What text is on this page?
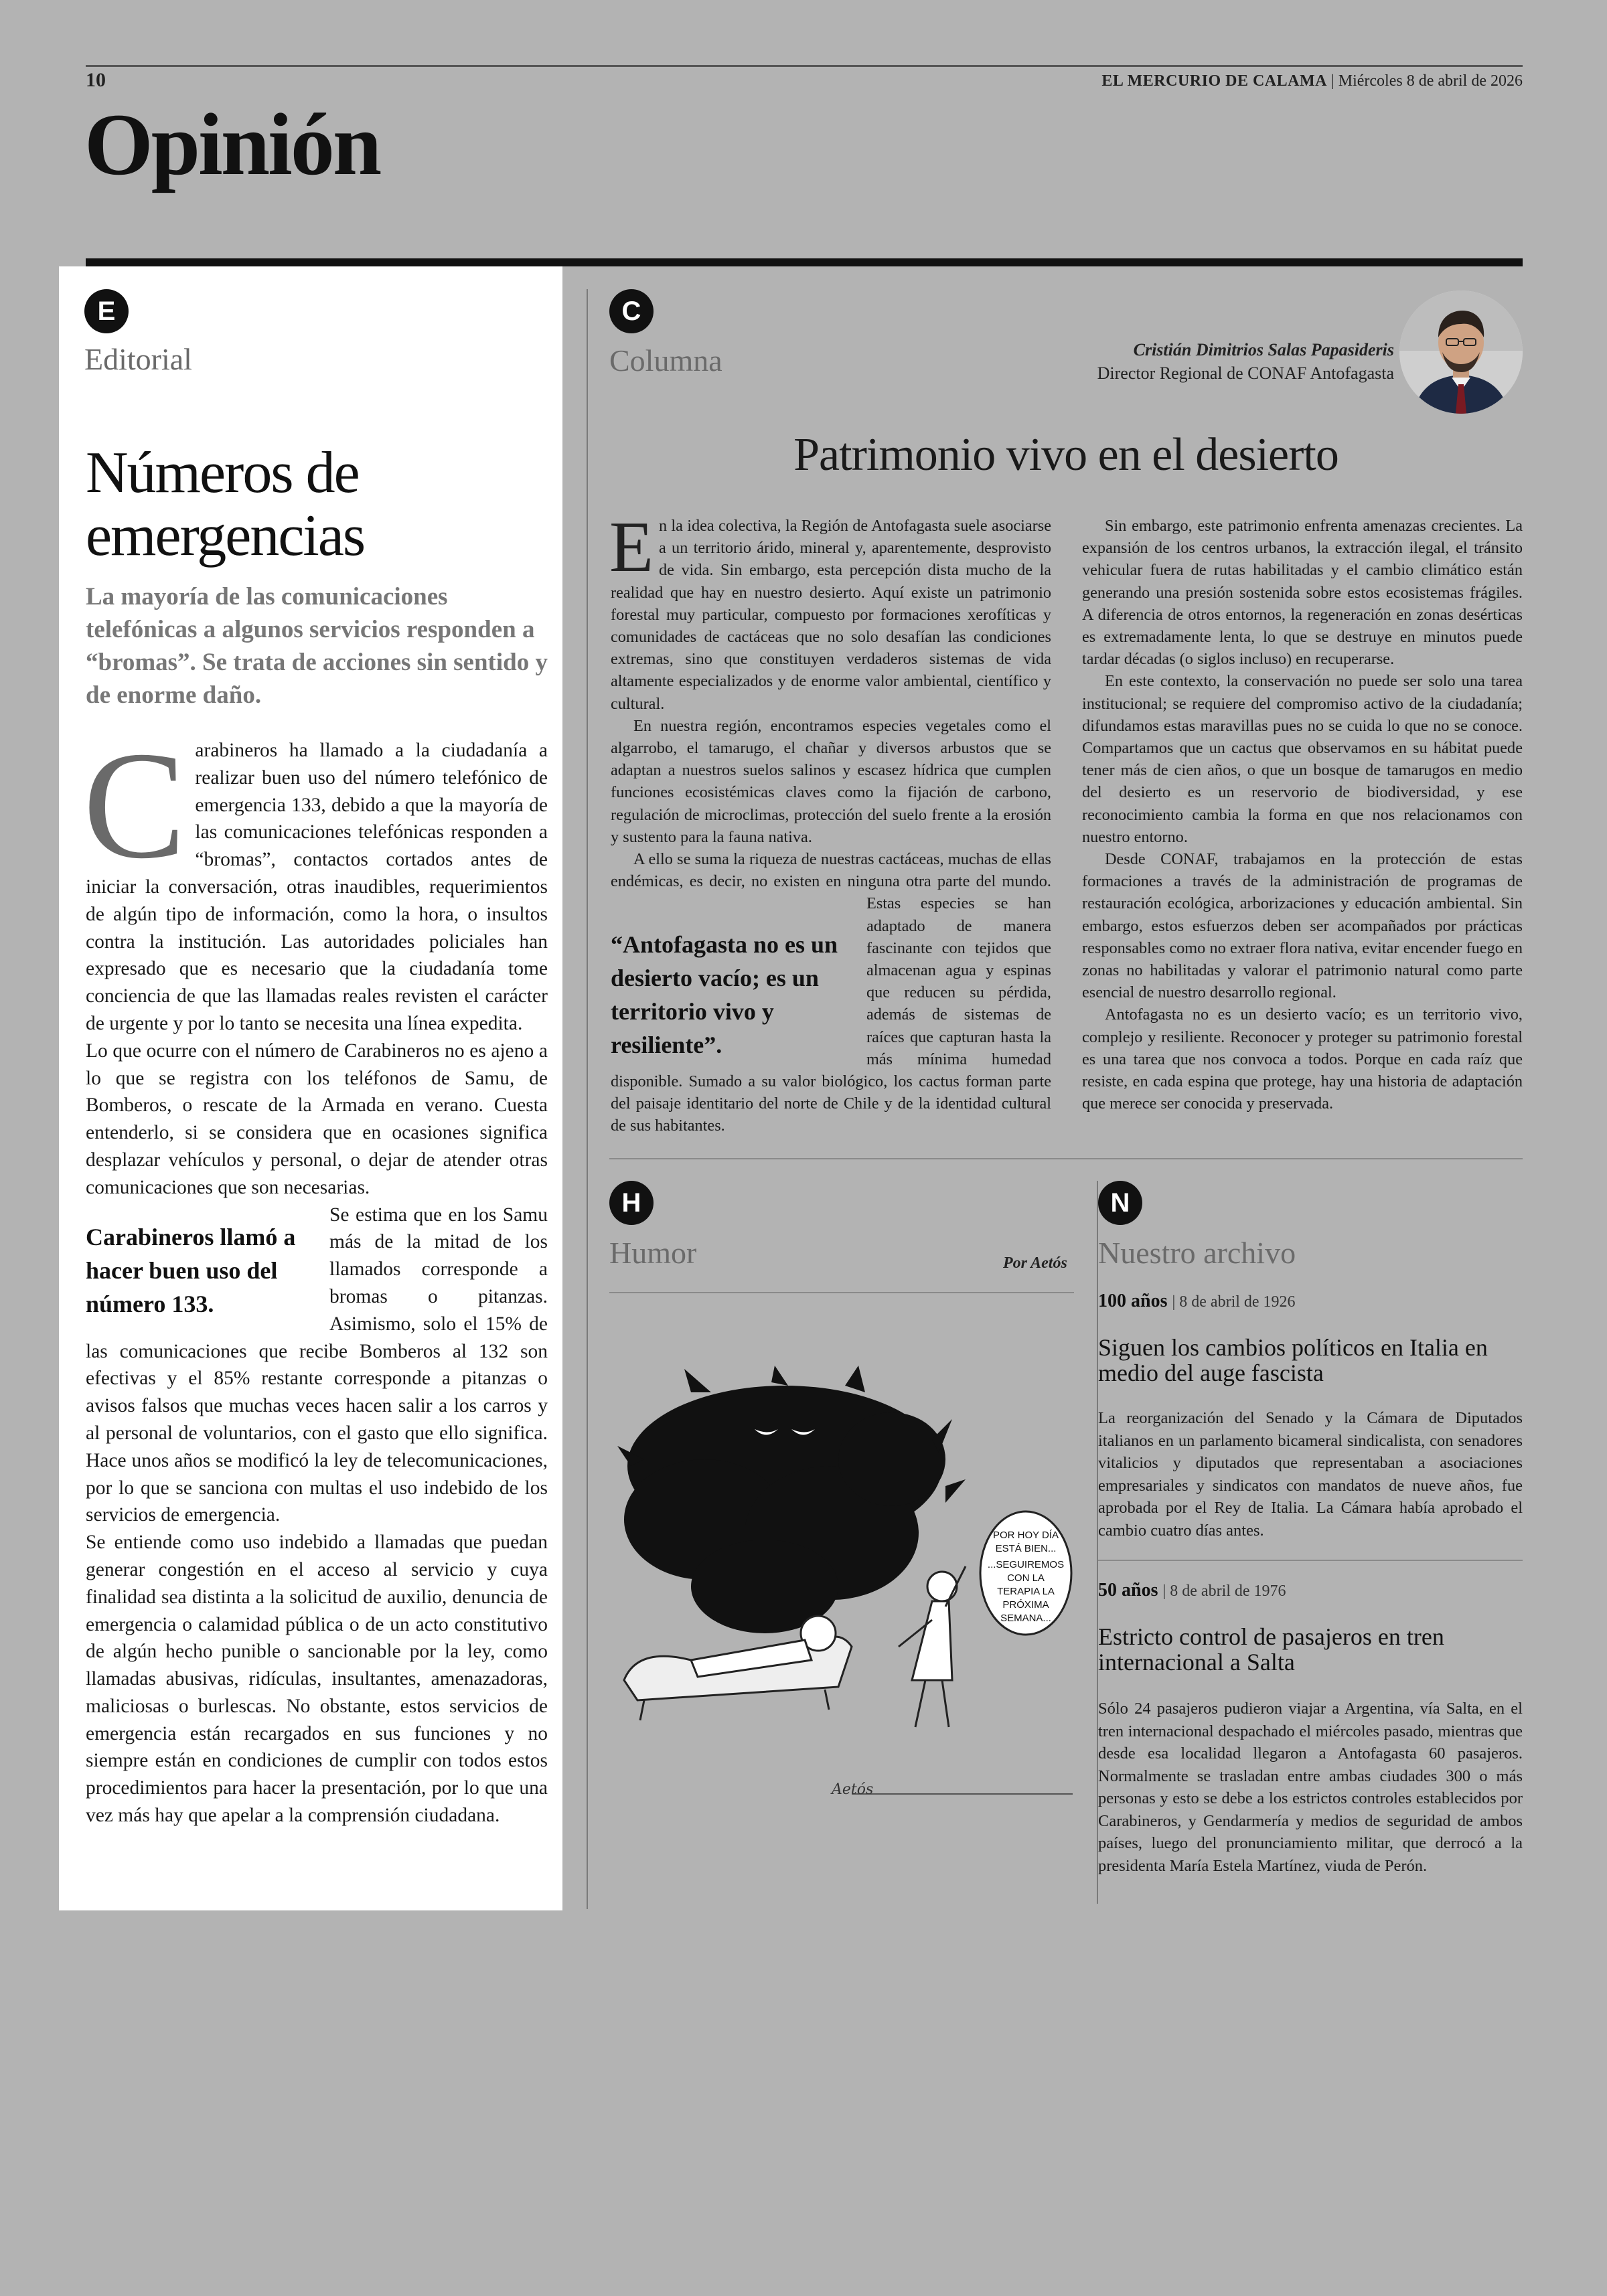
10	EL MERCURIO DE CALAMA | Miércoles 8 de abril de 2026
Opinión
E
Editorial
Números de emergencias
La mayoría de las comunicaciones telefónicas a algunos servicios responden a “bromas”. Se trata de acciones sin sentido y de enorme daño.
C arabineros ha llamado a la ciudadanía a realizar buen uso del número telefónico de emergencia 133, debido a que la mayoría de las comunicaciones telefónicas responden a “bromas”, contactos cortados antes de iniciar la conversación, otras inaudibles, requerimientos de algún tipo de información, como la hora, o insultos contra la institución. Las autoridades policiales han expresado que es necesario que la ciudadanía tome conciencia de que las llamadas reales revisten el carácter de urgente y por lo tanto se necesita una línea expedita.

Lo que ocurre con el número de Carabineros no es ajeno a lo que se registra con los teléfonos de Samu, de Bomberos, o rescate de la Armada en verano. Cuesta entenderlo, si se considera que en ocasiones significa desplazar vehículos y personal, o dejar de atender otras comunicaciones que son necesarias.

Carabineros llamó a hacer buen uso del número 133.

Se estima que en los Samu más de la mitad de los llamados corresponde a bromas o pitanzas. Asimismo, solo el 15% de las comunicaciones que recibe Bomberos al 132 son efectivas y el 85% restante corresponde a pitanzas o avisos falsos que muchas veces hacen salir a los carros y al personal de voluntarios, con el gasto que ello significa. Hace unos años se modificó la ley de telecomunicaciones, por lo que se sanciona con multas el uso indebido de los servicios de emergencia.

Se entiende como uso indebido a llamadas que puedan generar congestión en el acceso al servicio y cuya finalidad sea distinta a la solicitud de auxilio, denuncia de emergencia o calamidad pública o de un acto constitutivo de algún hecho punible o sancionable por la ley, como llamadas abusivas, ridículas, insultantes, amenazadoras, maliciosas o burlescas. No obstante, estos servicios de emergencia están recargados en sus funciones y no siempre están en condiciones de cumplir con todos estos procedimientos para hacer la presentación, por lo que una vez más hay que apelar a la comprensión ciudadana.

C
Columna	Cristián Dimitrios Salas Papasideris
Director Regional de CONAF Antofagasta
Patrimonio vivo en el desierto
E n la idea colectiva, la Región de Antofagasta suele asociarse a un territorio árido, mineral y, aparentemente, desprovisto de vida. Sin embargo, esta percepción dista mucho de la realidad que hay en nuestro desierto. Aquí existe un patrimonio forestal muy particular, compuesto por formaciones xerofíticas y comunidades de cactáceas que no solo desafían las condiciones extremas, sino que constituyen verdaderos sistemas de vida altamente especializados y de enorme valor ambiental, científico y cultural.

“Antofagasta no es un desierto vacío; es un territorio vivo y resiliente”.

En nuestra región, encontramos especies vegetales como el algarrobo, el tamarugo, el chañar y diversos arbustos que se adaptan a nuestros suelos salinos y escasez hídrica que cumplen funciones ecosistémicas claves como la fijación de carbono, regulación de microclimas, protección del suelo frente a la erosión y sustento para la fauna nativa.

A ello se suma la riqueza de nuestras cactáceas, muchas de ellas endémicas, es decir, no existen en ninguna otra parte del mundo. Estas especies se han adaptado de manera fascinante con tejidos que almacenan agua y espinas que reducen su pérdida, además de sistemas de raíces que capturan hasta la más mínima humedad disponible. Sumado a su valor biológico, los cactus forman parte del paisaje identitario del norte de Chile y de la identidad cultural de sus habitantes.

Sin embargo, este patrimonio enfrenta amenazas crecientes. La expansión de los centros urbanos, la extracción ilegal, el tránsito vehicular fuera de rutas habilitadas y el cambio climático están generando una presión sostenida sobre estos ecosistemas frágiles. A diferencia de otros entornos, la regeneración en zonas desérticas es extremadamente lenta, lo que se destruye en minutos puede tardar décadas (o siglos incluso) en recuperarse.

En este contexto, la conservación no puede ser solo una tarea institucional; se requiere del compromiso activo de la ciudadanía; difundamos estas maravillas pues no se cuida lo que no se conoce. Compartamos que un cactus que observamos en su hábitat puede tener más de cien años, o que un bosque de tamarugos en medio del desierto es un reservorio de biodiversidad, y ese reconocimiento cambia la forma en que nos relacionamos con nuestro entorno.

Desde CONAF, trabajamos en la protección de estas formaciones a través de la administración de programas de restauración ecológica, arborizaciones y educación ambiental. Sin embargo, estos esfuerzos deben ser acompañados por prácticas responsables como no extraer flora nativa, evitar encender fuego en zonas no habilitadas y valorar el patrimonio natural como parte esencial de nuestro desarrollo regional.

Antofagasta no es un desierto vacío; es un territorio vivo, complejo y resiliente. Reconocer y proteger su patrimonio forestal es una tarea que nos convoca a todos. Porque en cada raíz que resiste, en cada espina que protege, hay una historia de adaptación que merece ser conocida y preservada.

H
Humor	Por Aetós
POR HOY DÍA
ESTÁ BIEN...
...SEGUIREMOS
CON LA
TERAPIA LA
PRÓXIMA
SEMANA...
Aetós
N
Nuestro archivo
100 años | 8 de abril de 1926
Siguen los cambios políticos en Italia en medio del auge fascista
La reorganización del Senado y la Cámara de Diputados italianos en un parlamento bicameral sindicalista, con senadores vitalicios y diputados que representaban a asociaciones empresariales y sindicatos con mandatos de nueve años, fue aprobada por el Rey de Italia. La Cámara había aprobado el cambio cuatro días antes.
50 años | 8 de abril de 1976
Estricto control de pasajeros en tren internacional a Salta
Sólo 24 pasajeros pudieron viajar a Argentina, vía Salta, en el tren internacional despachado el miércoles pasado, mientras que desde esa localidad llegaron a Antofagasta 60 pasajeros. Normalmente se trasladan entre ambas ciudades 300 o más personas y esto se debe a los estrictos controles establecidos por Carabineros, y Gendarmería y medios de seguridad de ambos países, luego del pronunciamiento militar, que derrocó a la presidenta María Estela Martínez, viuda de Perón.
